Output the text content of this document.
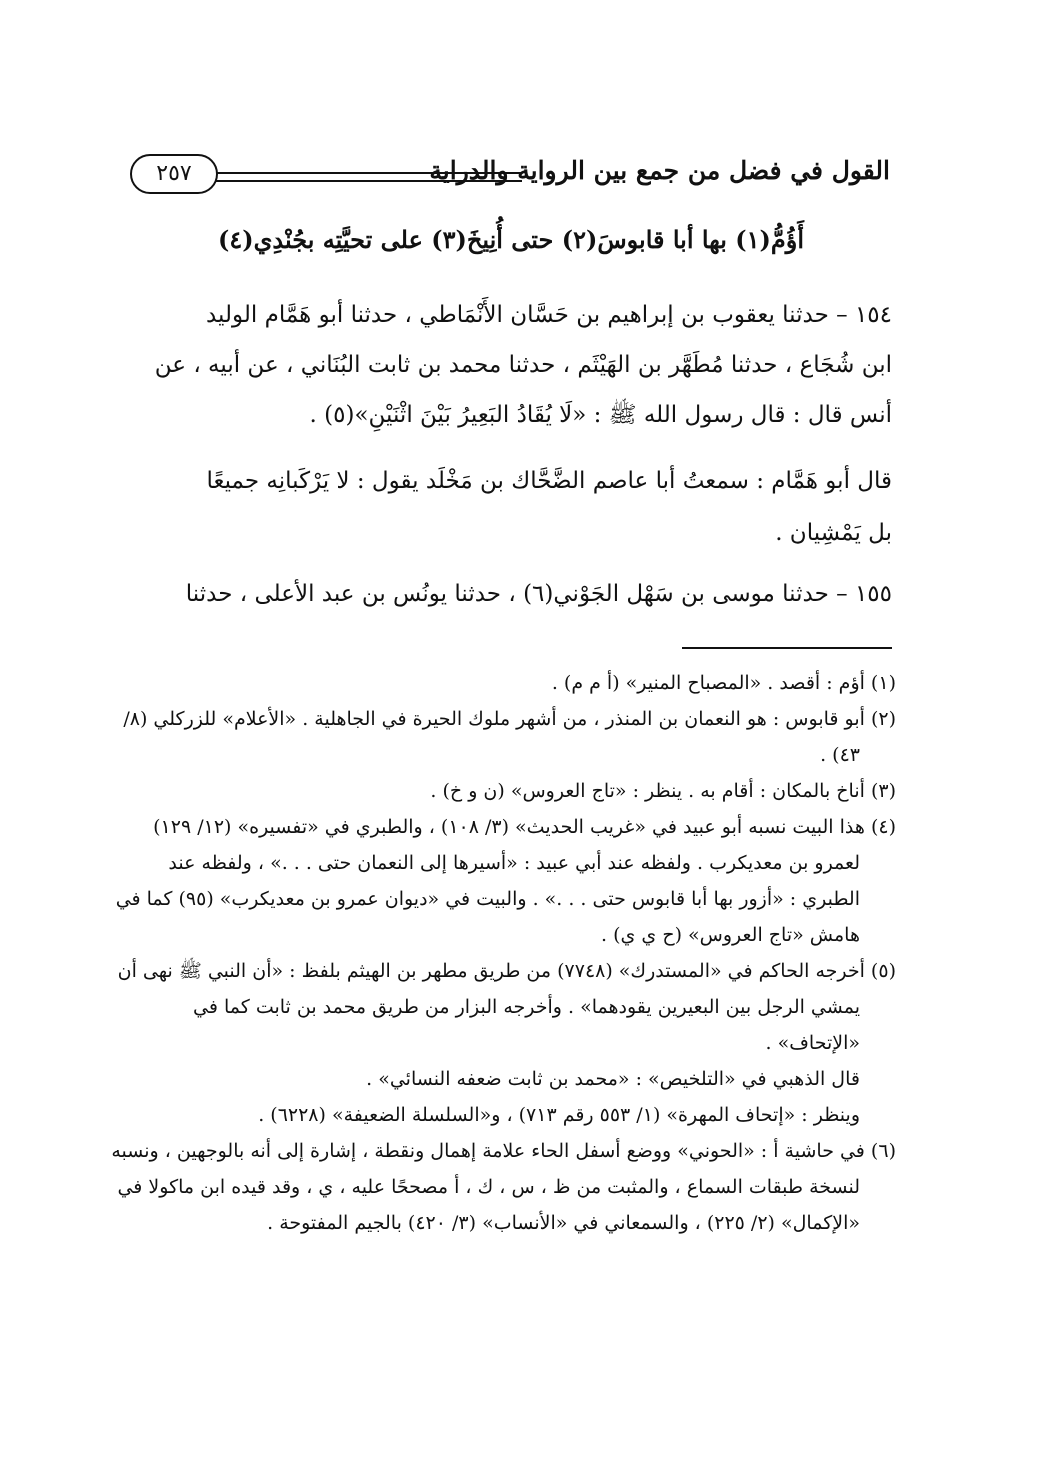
القول في فضل من جمع بين الرواية والدراية
٢٥٧
أَؤُمُّ(١) بها أبا قابوسَ(٢) حتى أُنِيخَ(٣) على تحيَّتِه بجُنْدِي(٤)
١٥٤ – حدثنا يعقوب بن إبراهيم بن حَسَّان الأَنْمَاطي ، حدثنا أبو هَمَّام الوليد
ابن شُجَاع ، حدثنا مُطَهَّر بن الهَيْثَم ، حدثنا محمد بن ثابت البُنَاني ، عن أبيه ، عن
أنس قال : قال رسول الله ﷺ : «لَا يُقَادُ البَعِيرُ بَيْنَ اثْنَيْنِ»(٥) .
قال أبو هَمَّام : سمعتُ أبا عاصم الضَّحَّاك بن مَخْلَد يقول : لا يَرْكَبانِه جميعًا
بل يَمْشِيان .
١٥٥ – حدثنا موسى بن سَهْل الجَوْني(٦) ، حدثنا يونُس بن عبد الأعلى ، حدثنا
(١) أؤم : أقصد . «المصباح المنير» (أ م م) .
(٢) أبو قابوس : هو النعمان بن المنذر ، من أشهر ملوك الحيرة في الجاهلية . «الأعلام» للزركلي (٨/
٤٣) .
(٣) أناخ بالمكان : أقام به . ينظر : «تاج العروس» (ن و خ) .
(٤) هذا البيت نسبه أبو عبيد في «غريب الحديث» (٣/ ١٠٨) ، والطبري في «تفسيره» (١٢/ ١٢٩)
لعمرو بن معديكرب . ولفظه عند أبي عبيد : «أسيرها إلى النعمان حتى . . .» ، ولفظه عند
الطبري : «أزور بها أبا قابوس حتى . . .» . والبيت في «ديوان عمرو بن معديكرب» (٩٥) كما في
هامش «تاج العروس» (ح ي ي) .
(٥) أخرجه الحاكم في «المستدرك» (٧٧٤٨) من طريق مطهر بن الهيثم بلفظ : «أن النبي ﷺ نهى أن
يمشي الرجل بين البعيرين يقودهما» . وأخرجه البزار من طريق محمد بن ثابت كما في
«الإتحاف» .
قال الذهبي في «التلخيص» : «محمد بن ثابت ضعفه النسائي» .
وينظر : «إتحاف المهرة» (١/ ٥٥٣ رقم ٧١٣) ، و«السلسلة الضعيفة» (٦٢٢٨) .
(٦) في حاشية أ : «الحوني» ووضع أسفل الحاء علامة إهمال ونقطة ، إشارة إلى أنه بالوجهين ، ونسبه
لنسخة طبقات السماع ، والمثبت من ظ ، س ، ك ، أ مصححًا عليه ، ي ، وقد قيده ابن ماكولا في
«الإكمال» (٢/ ٢٢٥) ، والسمعاني في «الأنساب» (٣/ ٤٢٠) بالجيم المفتوحة .
